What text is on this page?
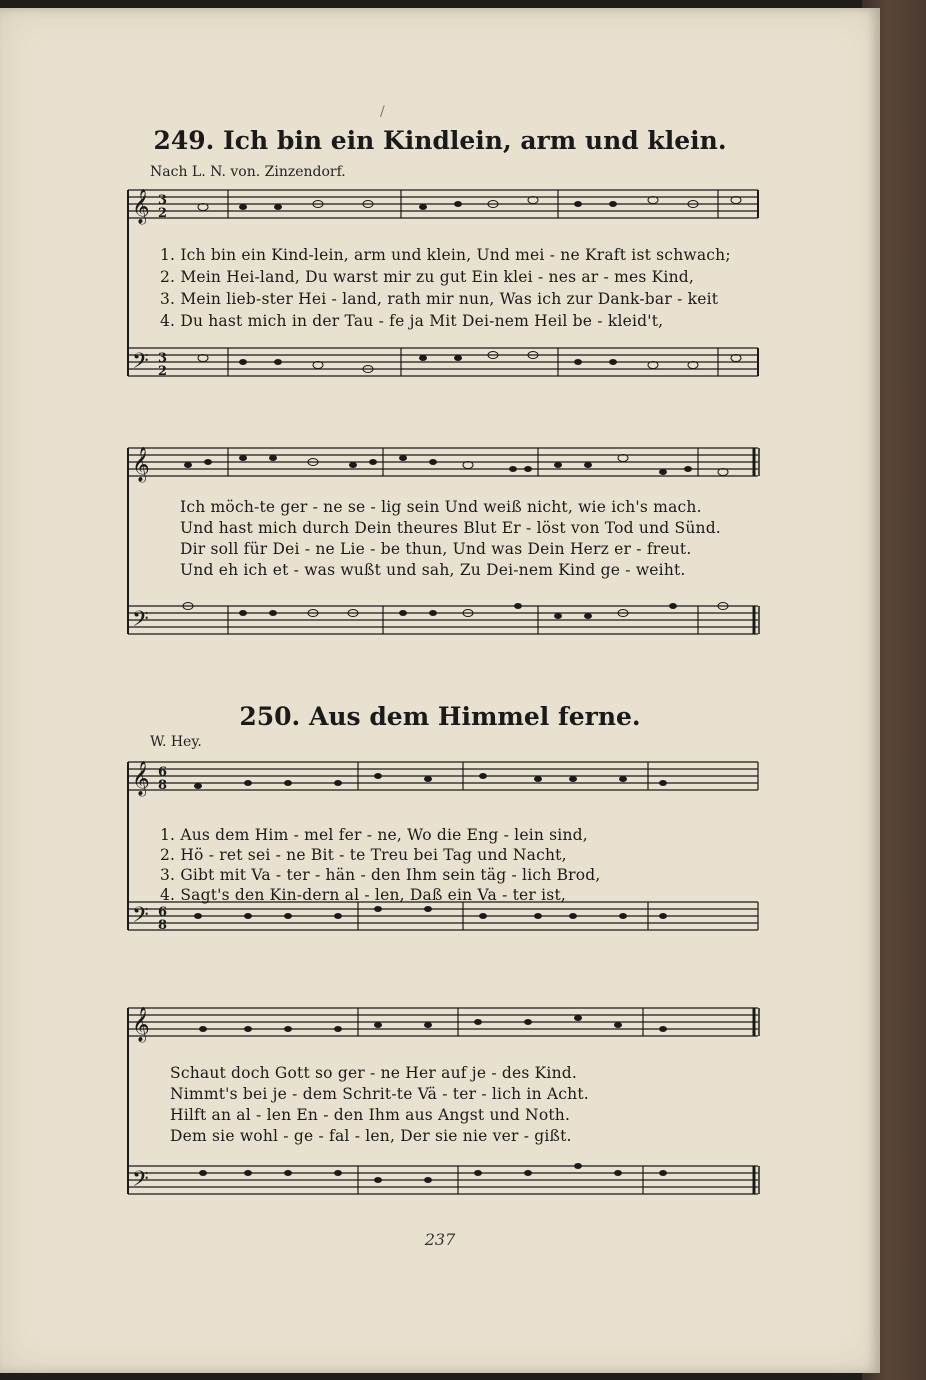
/
249. Ich bin ein Kindlein, arm und klein.
Nach L. N. von. Zinzendorf.
𝄞 3
2
𝄢 3
2
1. Ich bin ein Kind-lein, arm und klein, Und mei - ne Kraft ist schwach;
2. Mein Hei-land, Du warst mir zu gut Ein klei - nes ar - mes Kind,
3. Mein lieb-ster Hei - land, rath mir nun, Was ich zur Dank-bar - keit
4. Du hast mich in der Tau - fe ja Mit Dei-nem Heil be - kleid't,
𝄞
𝄢
Ich möch-te ger - ne se - lig sein Und weiß nicht, wie ich's mach.
Und hast mich durch Dein theures Blut Er - löst von Tod und Sünd.
Dir soll für Dei - ne Lie - be thun, Und was Dein Herz er - freut.
Und eh ich et - was wußt und sah, Zu Dei-nem Kind ge - weiht.
250. Aus dem Himmel ferne.
W. Hey.
𝄞 6
8
𝄢 6
8
1. Aus dem Him - mel fer - ne, Wo die Eng - lein sind,
2. Hö - ret sei - ne Bit - te Treu bei Tag und Nacht,
3. Gibt mit Va - ter - hän - den Ihm sein täg - lich Brod,
4. Sagt's den Kin-dern al - len, Daß ein Va - ter ist,
𝄞
𝄢
Schaut doch Gott so ger - ne Her auf je - des Kind.
Nimmt's bei je - dem Schrit-te Vä - ter - lich in Acht.
Hilft an al - len En - den Ihm aus Angst und Noth.
Dem sie wohl - ge - fal - len, Der sie nie ver - gißt.
237
